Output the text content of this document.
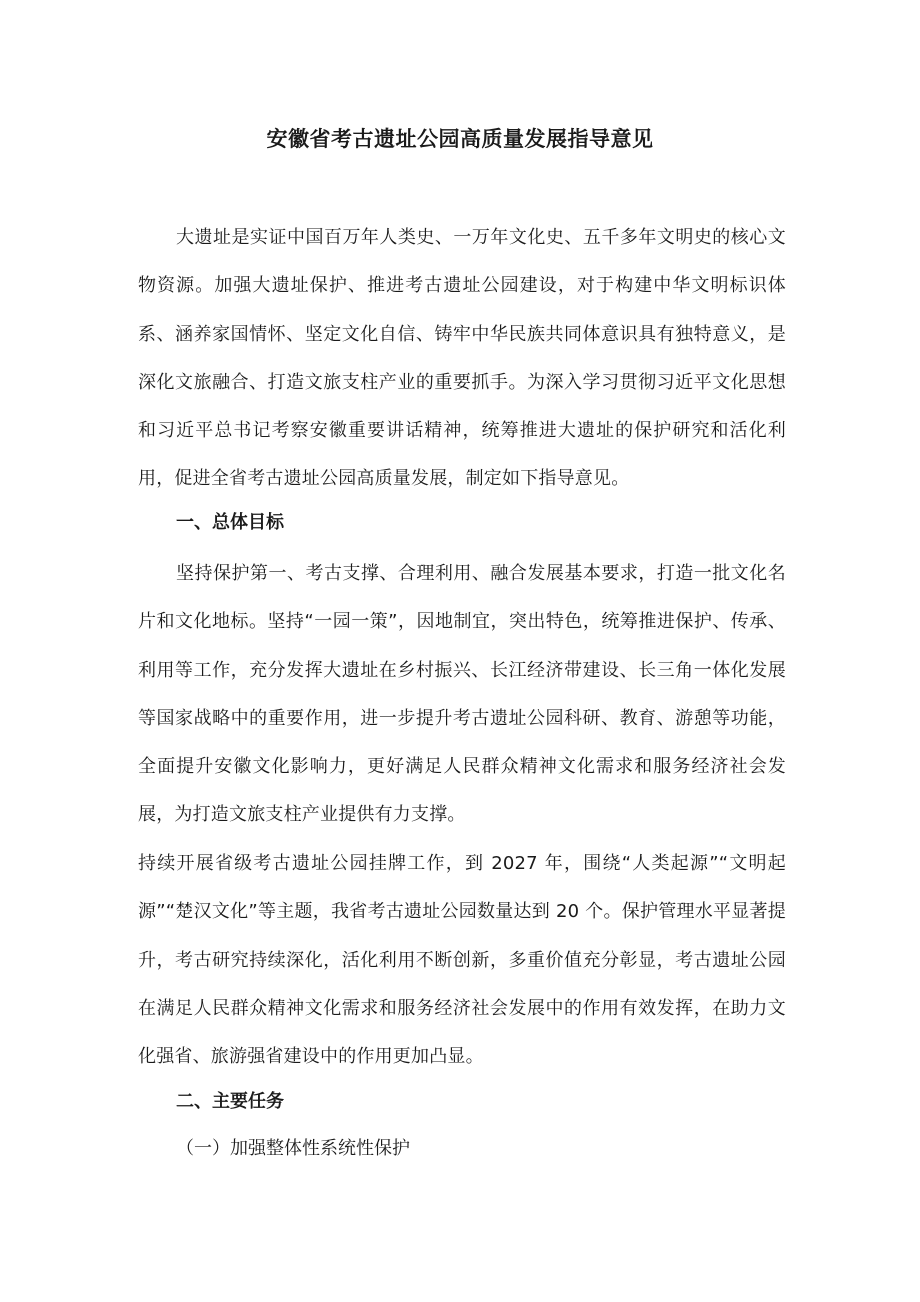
安徽省考古遗址公园高质量发展指导意见

大遗址是实证中国百万年人类史、一万年文化史、五千多年文明史的核心文物资源。加强大遗址保护、推进考古遗址公园建设，对于构建中华文明标识体系、涵养家国情怀、坚定文化自信、铸牢中华民族共同体意识具有独特意义，是深化文旅融合、打造文旅支柱产业的重要抓手。为深入学习贯彻习近平文化思想和习近平总书记考察安徽重要讲话精神，统筹推进大遗址的保护研究和活化利用，促进全省考古遗址公园高质量发展，制定如下指导意见。

一、总体目标

坚持保护第一、考古支撑、合理利用、融合发展基本要求，打造一批文化名片和文化地标。坚持“一园一策”，因地制宜，突出特色，统筹推进保护、传承、利用等工作，充分发挥大遗址在乡村振兴、长江经济带建设、长三角一体化发展等国家战略中的重要作用，进一步提升考古遗址公园科研、教育、游憩等功能，全面提升安徽文化影响力，更好满足人民群众精神文化需求和服务经济社会发展，为打造文旅支柱产业提供有力支撑。

持续开展省级考古遗址公园挂牌工作，到 2027 年，围绕“人类起源”“文明起源”“楚汉文化”等主题，我省考古遗址公园数量达到 20 个。保护管理水平显著提升，考古研究持续深化，活化利用不断创新，多重价值充分彰显，考古遗址公园在满足人民群众精神文化需求和服务经济社会发展中的作用有效发挥，在助力文化强省、旅游强省建设中的作用更加凸显。

二、主要任务
（一）加强整体性系统性保护
